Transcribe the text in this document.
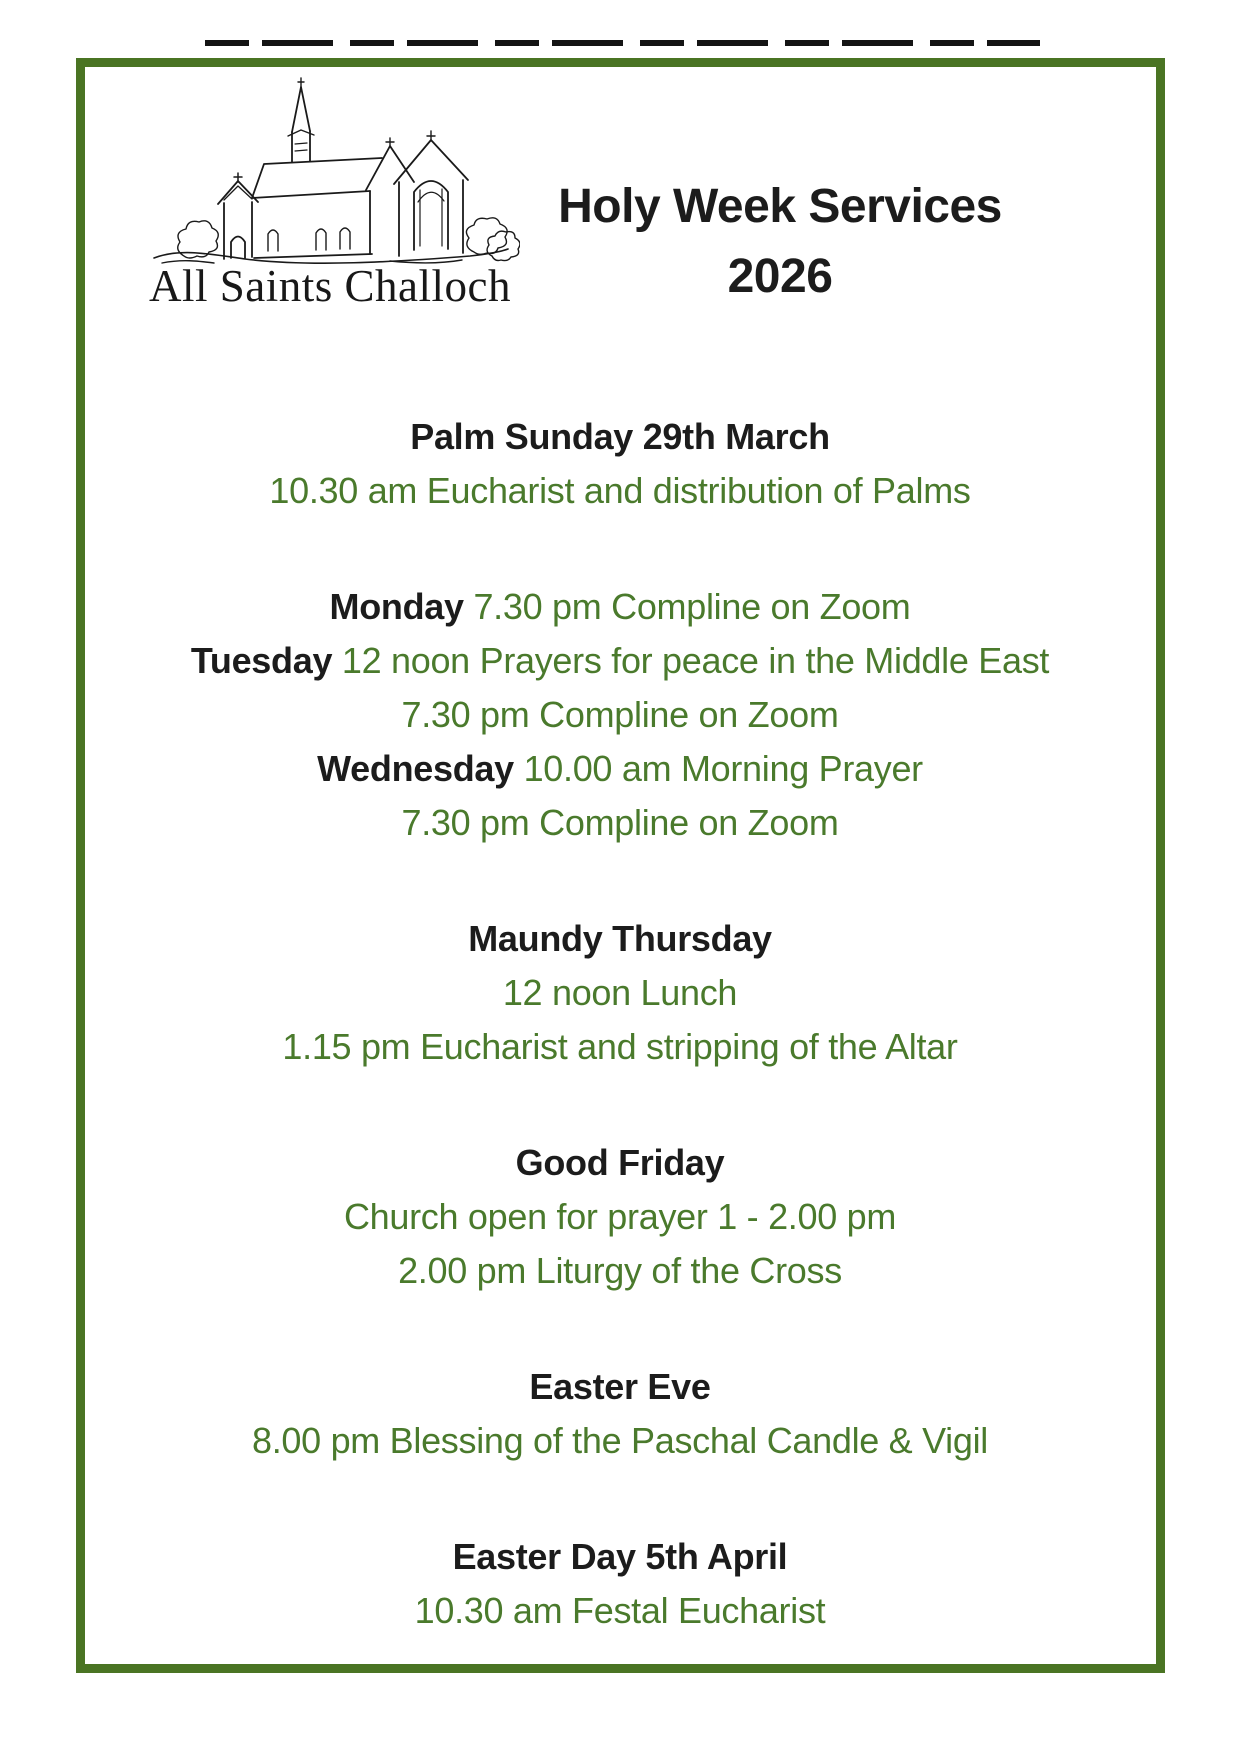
All Saints Challoch
Holy Week Services
2026
Palm Sunday 29th March
10.30 am Eucharist and distribution of Palms
Monday 7.30 pm Compline on Zoom
Tuesday 12 noon Prayers for peace in the Middle East
7.30 pm Compline on Zoom
Wednesday 10.00 am Morning Prayer
7.30 pm Compline on Zoom
Maundy Thursday
12 noon Lunch
1.15 pm Eucharist and stripping of the Altar
Good Friday
Church open for prayer 1 - 2.00 pm
2.00 pm Liturgy of the Cross
Easter Eve
8.00 pm Blessing of the Paschal Candle & Vigil
Easter Day 5th April
10.30 am Festal Eucharist
